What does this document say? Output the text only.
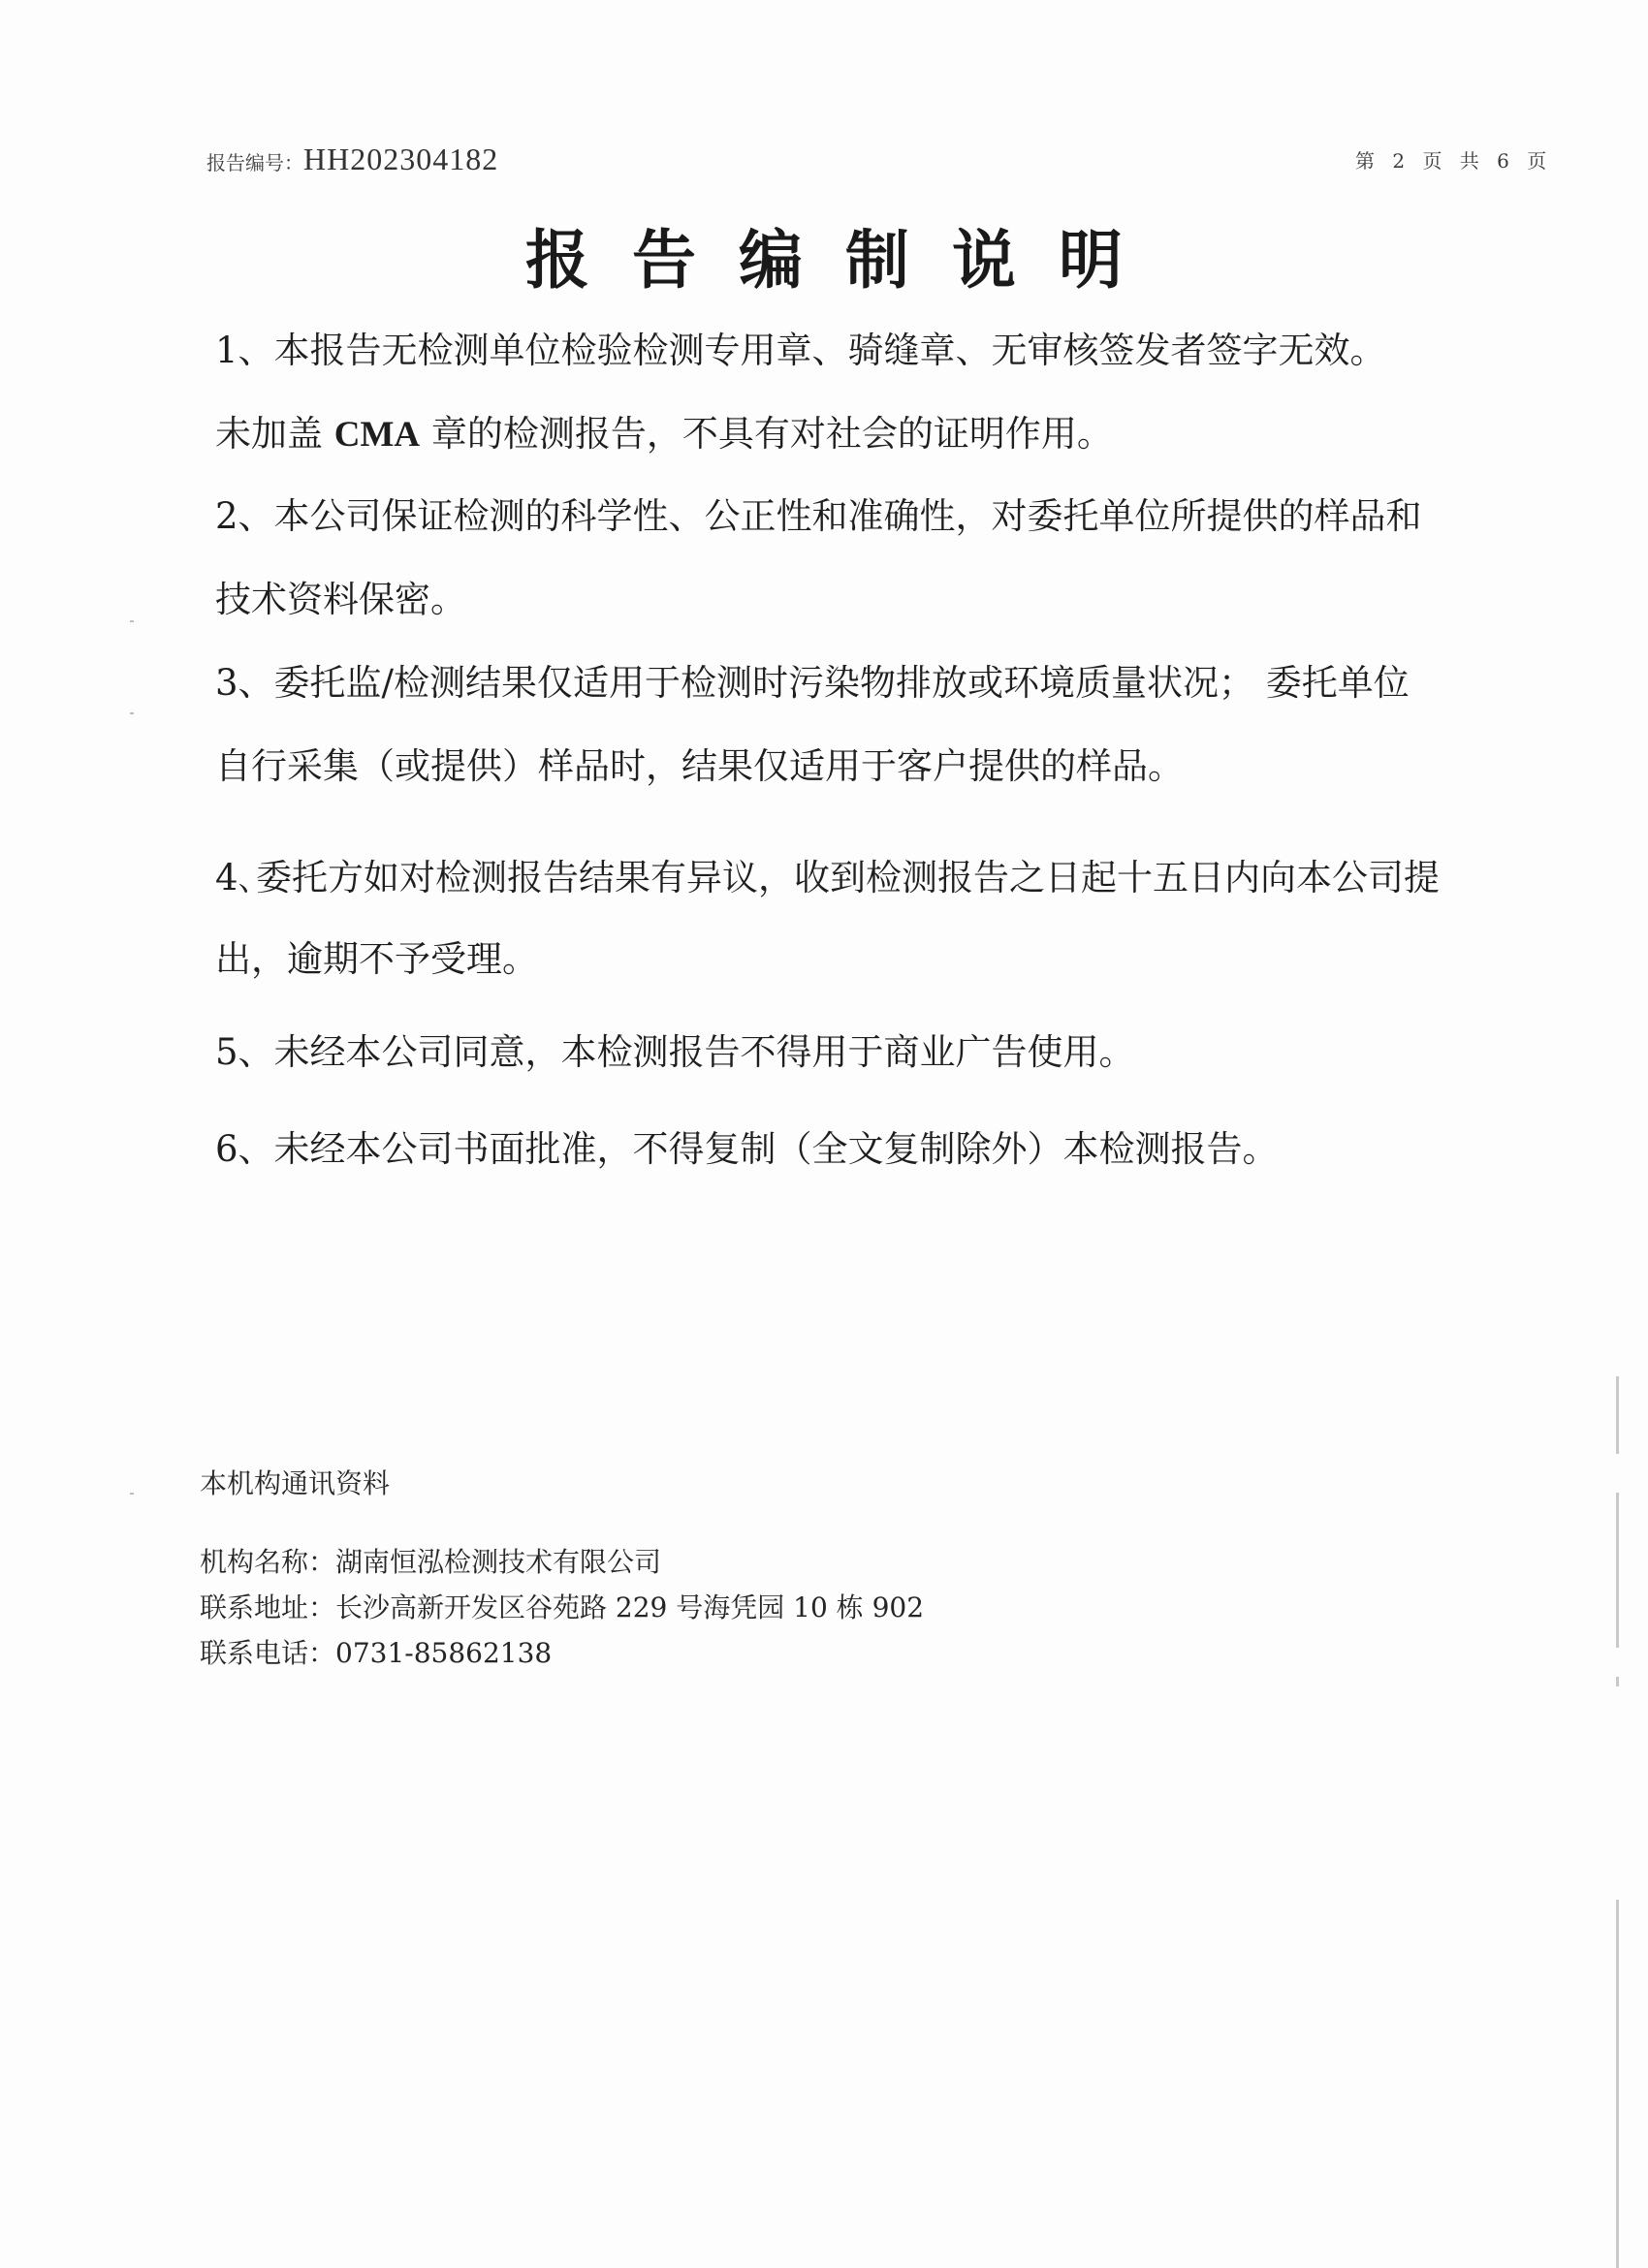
报告编号：HH202304182	第 2 页 共 6 页
报告编制说明
1、本报告无检测单位检验检测专用章、骑缝章、无审核签发者签字无效。
未加盖 CMA 章的检测报告，不具有对社会的证明作用。
2、本公司保证检测的科学性、公正性和准确性，对委托单位所提供的样品和
技术资料保密。
3、委托监/检测结果仅适用于检测时污染物排放或环境质量状况； 委托单位
自行采集（或提供）样品时，结果仅适用于客户提供的样品。
4､委托方如对检测报告结果有异议，收到检测报告之日起十五日内向本公司提
出，逾期不予受理。
5、未经本公司同意，本检测报告不得用于商业广告使用。
6、未经本公司书面批准，不得复制（全文复制除外）本检测报告。
本机构通讯资料
机构名称：湖南恒泓检测技术有限公司
联系地址：长沙高新开发区谷苑路 229 号海凭园 10 栋 902
联系电话：0731-85862138
